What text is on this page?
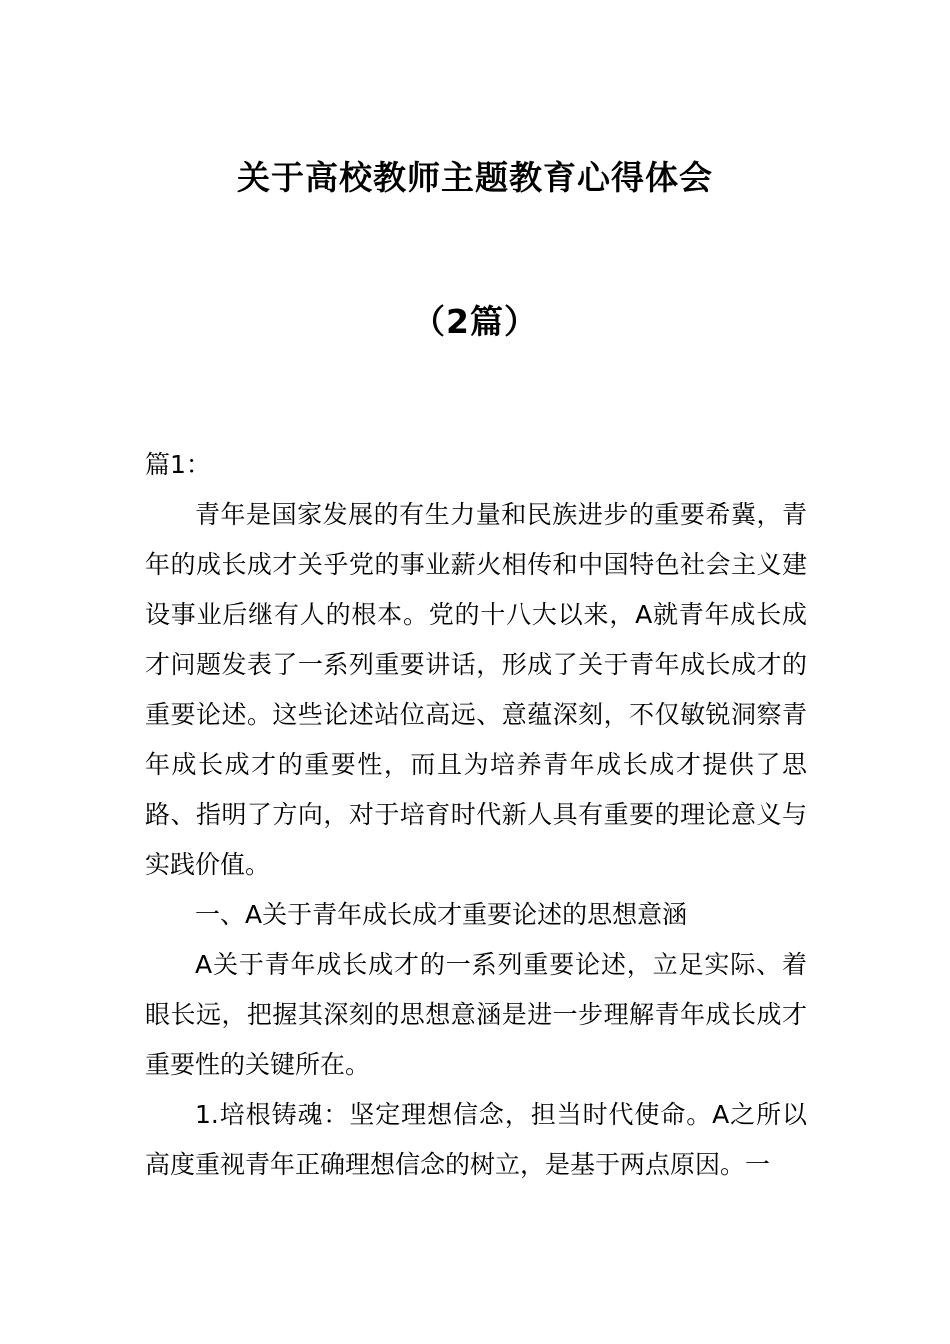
关于高校教师主题教育心得体会
（2篇）

篇1：

青年是国家发展的有生力量和民族进步的重要希冀，青年的成长成才关乎党的事业薪火相传和中国特色社会主义建设事业后继有人的根本。党的十八大以来，A就青年成长成才问题发表了一系列重要讲话，形成了关于青年成长成才的重要论述。这些论述站位高远、意蕴深刻，不仅敏锐洞察青年成长成才的重要性，而且为培养青年成长成才提供了思路、指明了方向，对于培育时代新人具有重要的理论意义与实践价值。

一、A关于青年成长成才重要论述的思想意涵

A关于青年成长成才的一系列重要论述，立足实际、着眼长远，把握其深刻的思想意涵是进一步理解青年成长成才重要性的关键所在。

1.培根铸魂：坚定理想信念，担当时代使命。A之所以高度重视青年正确理想信念的树立，是基于两点原因。一
